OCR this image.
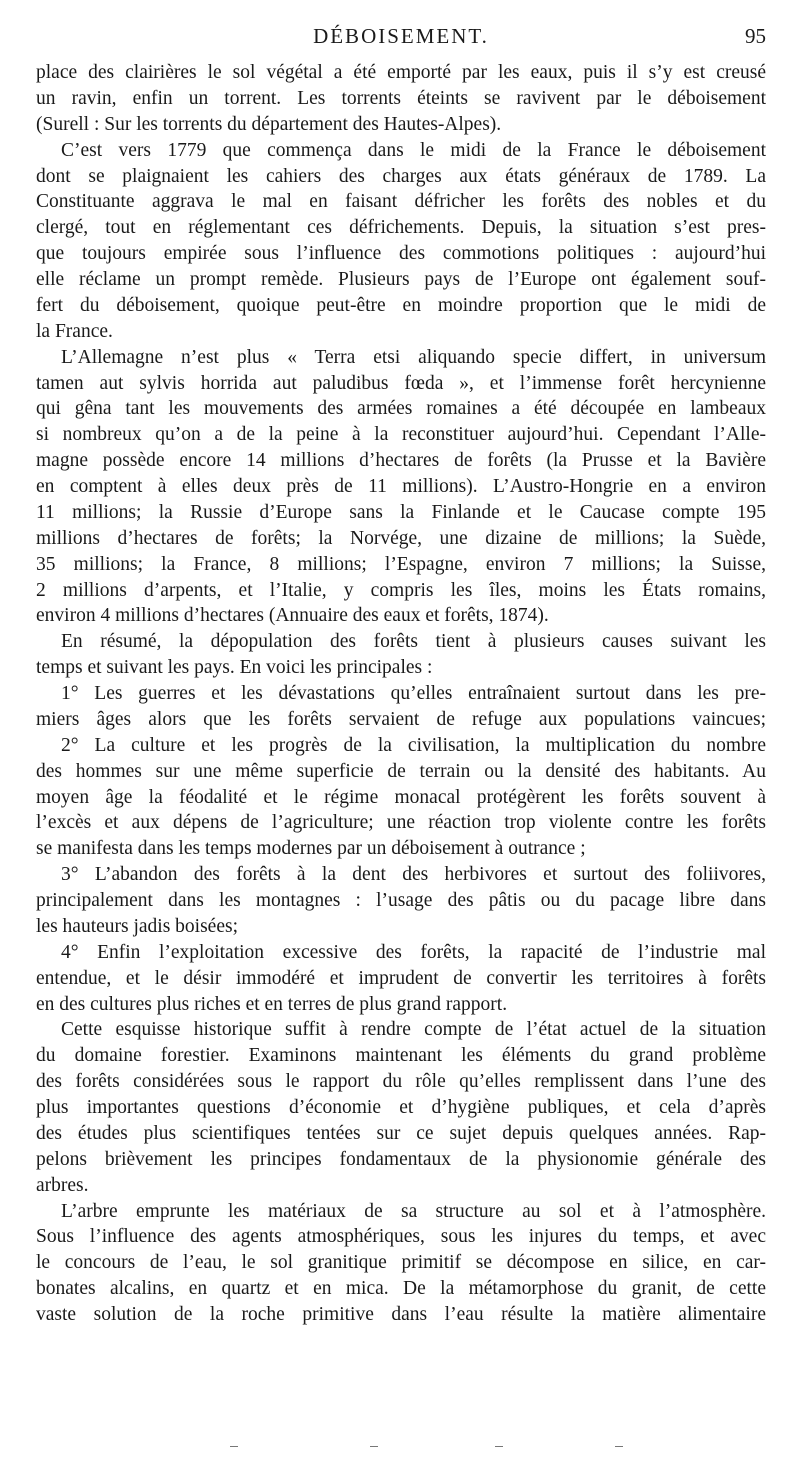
DÉBOISEMENT.	95
place des clairières le sol végétal a été emporté par les eaux, puis il s’y est creusé
un ravin, enfin un torrent. Les torrents éteints se ravivent par le déboisement
(Surell : Sur les torrents du département des Hautes-Alpes).
C’est vers 1779 que commença dans le midi de la France le déboisement
dont se plaignaient les cahiers des charges aux états généraux de 1789. La
Constituante aggrava le mal en faisant défricher les forêts des nobles et du
clergé, tout en réglementant ces défrichements. Depuis, la situation s’est pres-
que toujours empirée sous l’influence des commotions politiques : aujourd’hui
elle réclame un prompt remède. Plusieurs pays de l’Europe ont également souf-
fert du déboisement, quoique peut-être en moindre proportion que le midi de
la France.
L’Allemagne n’est plus « Terra etsi aliquando specie differt, in universum
tamen aut sylvis horrida aut paludibus fœda », et l’immense forêt hercynienne
qui gêna tant les mouvements des armées romaines a été découpée en lambeaux
si nombreux qu’on a de la peine à la reconstituer aujourd’hui. Cependant l’Alle-
magne possède encore 14 millions d’hectares de forêts (la Prusse et la Bavière
en comptent à elles deux près de 11 millions). L’Austro-Hongrie en a environ
11 millions; la Russie d’Europe sans la Finlande et le Caucase compte 195
millions d’hectares de forêts; la Norvége, une dizaine de millions; la Suède,
35 millions; la France, 8 millions; l’Espagne, environ 7 millions; la Suisse,
2 millions d’arpents, et l’Italie, y compris les îles, moins les États romains,
environ 4 millions d’hectares (Annuaire des eaux et forêts, 1874).
En résumé, la dépopulation des forêts tient à plusieurs causes suivant les
temps et suivant les pays. En voici les principales :
1° Les guerres et les dévastations qu’elles entraînaient surtout dans les pre-
miers âges alors que les forêts servaient de refuge aux populations vaincues;
2° La culture et les progrès de la civilisation, la multiplication du nombre
des hommes sur une même superficie de terrain ou la densité des habitants. Au
moyen âge la féodalité et le régime monacal protégèrent les forêts souvent à
l’excès et aux dépens de l’agriculture; une réaction trop violente contre les forêts
se manifesta dans les temps modernes par un déboisement à outrance ;
3° L’abandon des forêts à la dent des herbivores et surtout des foliivores,
principalement dans les montagnes : l’usage des pâtis ou du pacage libre dans
les hauteurs jadis boisées;
4° Enfin l’exploitation excessive des forêts, la rapacité de l’industrie mal
entendue, et le désir immodéré et imprudent de convertir les territoires à forêts
en des cultures plus riches et en terres de plus grand rapport.
Cette esquisse historique suffit à rendre compte de l’état actuel de la situation
du domaine forestier. Examinons maintenant les éléments du grand problème
des forêts considérées sous le rapport du rôle qu’elles remplissent dans l’une des
plus importantes questions d’économie et d’hygiène publiques, et cela d’après
des études plus scientifiques tentées sur ce sujet depuis quelques années. Rap-
pelons brièvement les principes fondamentaux de la physionomie générale des
arbres.
L’arbre emprunte les matériaux de sa structure au sol et à l’atmosphère.
Sous l’influence des agents atmosphériques, sous les injures du temps, et avec
le concours de l’eau, le sol granitique primitif se décompose en silice, en car-
bonates alcalins, en quartz et en mica. De la métamorphose du granit, de cette
vaste solution de la roche primitive dans l’eau résulte la matière alimentaire
